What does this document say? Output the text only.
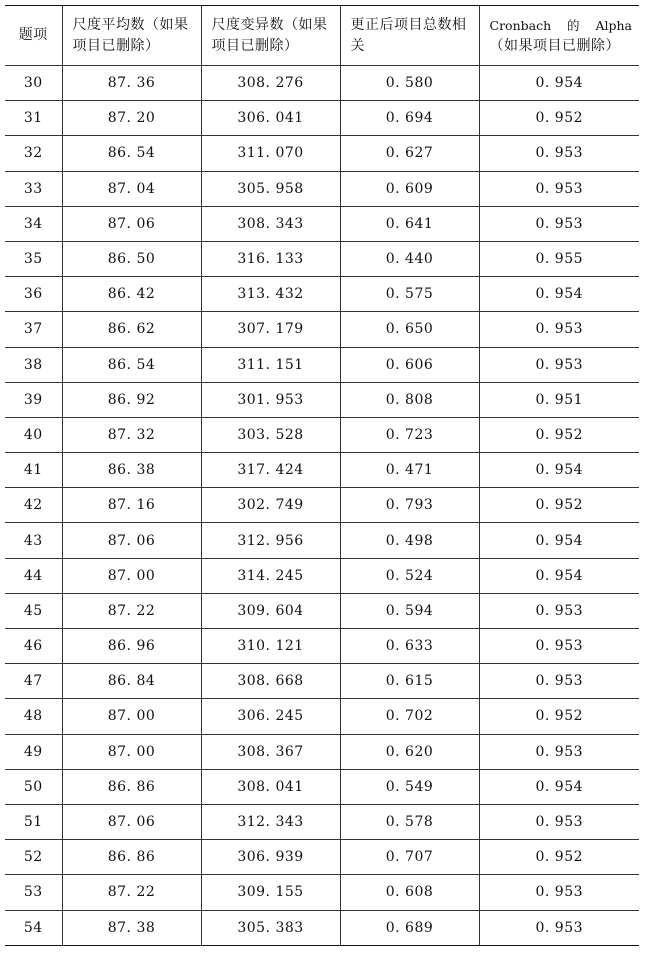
题项	尺度平均数（如果项目已删除）	尺度变异数（如果项目已删除）	更正后项目总数相关	Cronbach 的 Alpha
（如果项目已删除）

30	87. 36	308. 276	0. 580	0. 954
31	87. 20	306. 041	0. 694	0. 952
32	86. 54	311. 070	0. 627	0. 953
33	87. 04	305. 958	0. 609	0. 953
34	87. 06	308. 343	0. 641	0. 953
35	86. 50	316. 133	0. 440	0. 955
36	86. 42	313. 432	0. 575	0. 954
37	86. 62	307. 179	0. 650	0. 953
38	86. 54	311. 151	0. 606	0. 953
39	86. 92	301. 953	0. 808	0. 951
40	87. 32	303. 528	0. 723	0. 952
41	86. 38	317. 424	0. 471	0. 954
42	87. 16	302. 749	0. 793	0. 952
43	87. 06	312. 956	0. 498	0. 954
44	87. 00	314. 245	0. 524	0. 954
45	87. 22	309. 604	0. 594	0. 953
46	86. 96	310. 121	0. 633	0. 953
47	86. 84	308. 668	0. 615	0. 953
48	87. 00	306. 245	0. 702	0. 952
49	87. 00	308. 367	0. 620	0. 953
50	86. 86	308. 041	0. 549	0. 954
51	87. 06	312. 343	0. 578	0. 953
52	86. 86	306. 939	0. 707	0. 952
53	87. 22	309. 155	0. 608	0. 953
54	87. 38	305. 383	0. 689	0. 953
